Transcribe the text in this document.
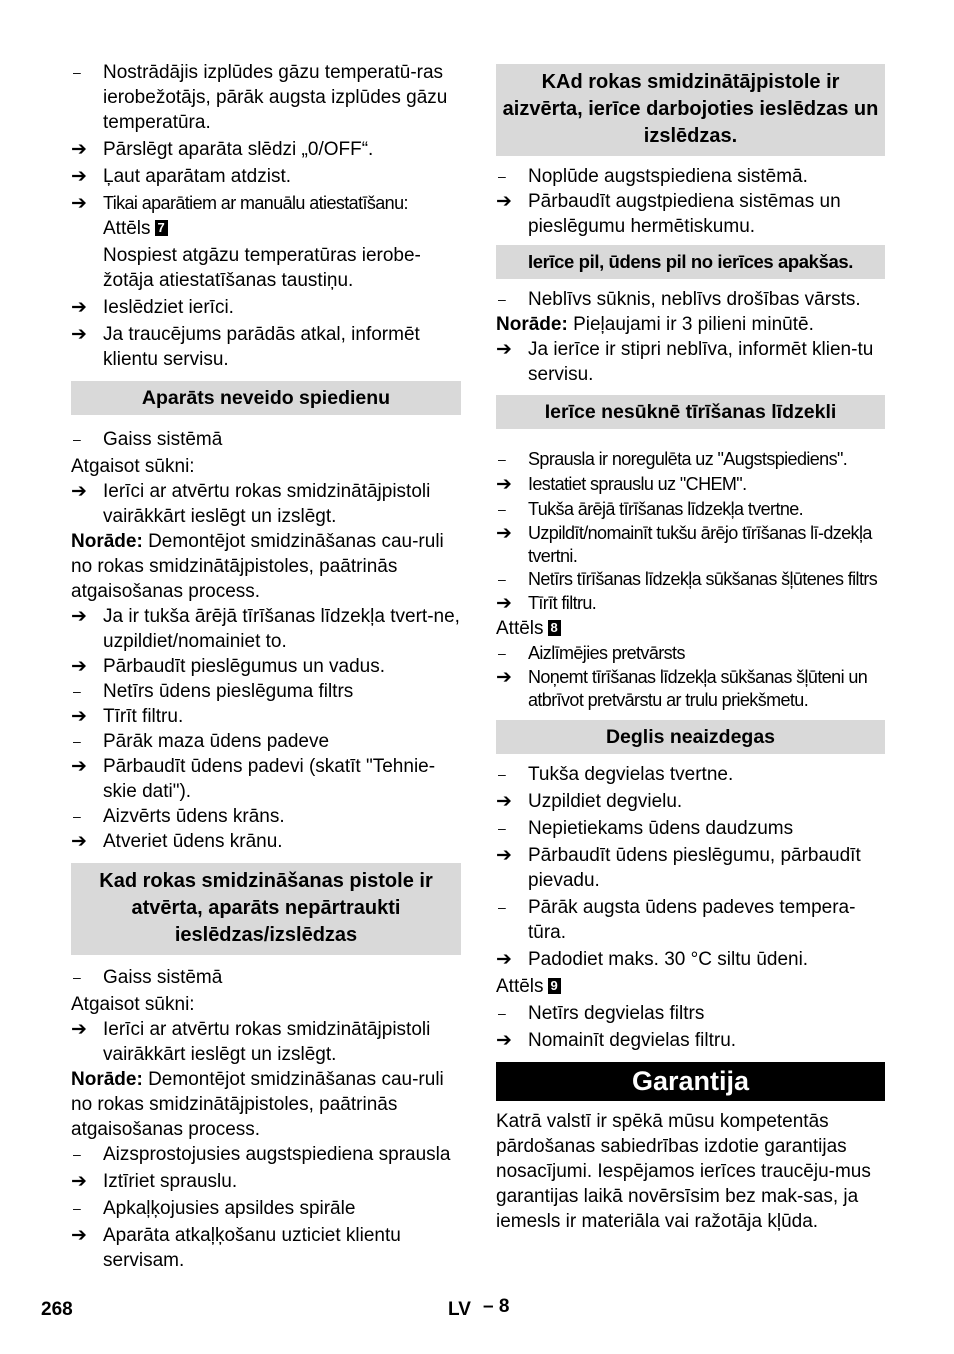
– Nostrādājis izplūdes gāzu temperatū-ras ierobežotājs, pārāk augsta izplūdes gāzu temperatūra.
➔ Pārslēgt aparāta slēdzi „0/OFF“.
➔ Ļaut aparātam atdzist.
➔ Tikai aparātiem ar manuālu atiestatīšanu:
Attēls 7
Nospiest atgāzu temperatūras ierobe-žotāja atiestatīšanas taustiņu.
➔ Ieslēdziet ierīci.
➔ Ja traucējums parādās atkal, informēt klientu servisu.
Aparāts neveido spiedienu
– Gaiss sistēmā
Atgaisot sūkni:
➔ Ierīci ar atvērtu rokas smidzinātājpistoli vairākkārt ieslēgt un izslēgt.
Norāde: Demontējot smidzināšanas cau-ruli no rokas smidzinātājpistoles, paātrinās atgaisošanas process.
➔ Ja ir tukša ārējā tīrīšanas līdzekļa tvert-ne, uzpildiet/nomainiet to.
➔ Pārbaudīt pieslēgumus un vadus.
– Netīrs ūdens pieslēguma filtrs
➔ Tīrīt filtru.
– Pārāk maza ūdens padeve
➔ Pārbaudīt ūdens padevi (skatīt "Tehnie-skie dati").
– Aizvērts ūdens krāns.
➔ Atveriet ūdens krānu.
Kad rokas smidzināšanas pistole ir atvērta, aparāts nepārtraukti ieslēdzas/izslēdzas
– Gaiss sistēmā
Atgaisot sūkni:
➔ Ierīci ar atvērtu rokas smidzinātājpistoli vairākkārt ieslēgt un izslēgt.
Norāde: Demontējot smidzināšanas cau-ruli no rokas smidzinātājpistoles, paātrinās atgaisošanas process.
– Aizsprostojusies augstspiediena sprausla
➔ Iztīriet sprauslu.
– Apkaļķojusies apsildes spirāle
➔ Aparāta atkaļķošanu uzticiet klientu servisam.
KAd rokas smidzinātājpistole ir aizvērta, ierīce darbojoties ieslēdzas un izslēdzas.
– Noplūde augstspiediena sistēmā.
➔ Pārbaudīt augstpiediena sistēmas un pieslēgumu hermētiskumu.
Ierīce pil, ūdens pil no ierīces apakšas.
– Neblīvs sūknis, neblīvs drošības vārsts.
Norāde: Pieļaujami ir 3 pilieni minūtē.
➔ Ja ierīce ir stipri neblīva, informēt klien-tu servisu.
Ierīce nesūknē tīrīšanas līdzekli
– Sprausla ir noregulēta uz "Augstspiediens".
➔ Iestatiet sprauslu uz "CHEM".
– Tukša ārējā tīrīšanas līdzekļa tvertne.
➔ Uzpildīt/nomainīt tukšu ārējo tīrīšanas lī-dzekļa tvertni.
– Netīrs tīrīšanas līdzekļa sūkšanas šļūtenes filtrs
➔ Tīrīt filtru.
Attēls 8
– Aizlīmējies pretvārsts
➔ Noņemt tīrīšanas līdzekļa sūkšanas šļūteni un atbrīvot pretvārstu ar trulu priekšmetu.
Deglis neaizdegas
– Tukša degvielas tvertne.
➔ Uzpildiet degvielu.
– Nepietiekams ūdens daudzums
➔ Pārbaudīt ūdens pieslēgumu, pārbaudīt pievadu.
– Pārāk augsta ūdens padeves tempera-tūra.
➔ Padodiet maks. 30 °C siltu ūdeni.
Attēls 9
– Netīrs degvielas filtrs
➔ Nomainīt degvielas filtru.
Garantija
Katrā valstī ir spēkā mūsu kompetentās pārdošanas sabiedrības izdotie garantijas nosacījumi. Iespējamos ierīces traucēju-mus garantijas laikā novērsīsim bez mak-sas, ja iemesls ir materiāla vai ražotāja kļūda.
268	LV – 8
